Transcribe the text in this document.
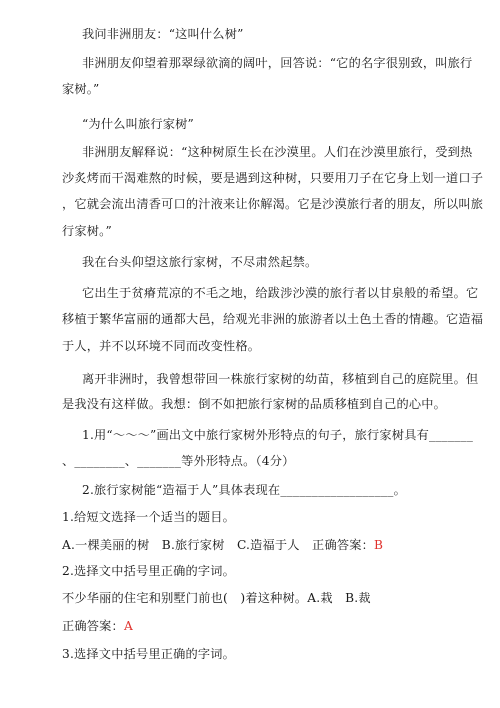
我问非洲朋友：“这叫什么树”
非洲朋友仰望着那翠绿欲滴的阔叶，回答说：“它的名字很别致，叫旅行
家树。”
“为什么叫旅行家树”
非洲朋友解释说：“这种树原生长在沙漠里。人们在沙漠里旅行，受到热
沙炙烤而干渴难熬的时候，要是遇到这种树，只要用刀子在它身上划一道口子
，它就会流出清香可口的汁液来让你解渴。它是沙漠旅行者的朋友，所以叫旅
行家树。”
我在台头仰望这旅行家树，不尽肃然起禁。
它出生于贫瘠荒凉的不毛之地，给跋涉沙漠的旅行者以甘泉般的希望。它
移植于繁华富丽的通都大邑，给观光非洲的旅游者以土色土香的情趣。它造福
于人，并不以环境不同而改变性格。
离开非洲时，我曾想带回一株旅行家树的幼苗，移植到自己的庭院里。但
是我没有这样做。我想：倒不如把旅行家树的品质移植到自己的心中。
1.用“～～～”画出文中旅行家树外形特点的句子，旅行家树具有_______
、________、_______等外形特点。（4分）
2.旅行家树能“造福于人”具体表现在__________________。
1.给短文选择一个适当的题目。
A.一棵美丽的树　B.旅行家树　C.造福于人　正确答案：B
2.选择文中括号里正确的字词。
不少华丽的住宅和别墅门前也(　)着这种树。A.栽　B.裁
正确答案：A
3.选择文中括号里正确的字词。
